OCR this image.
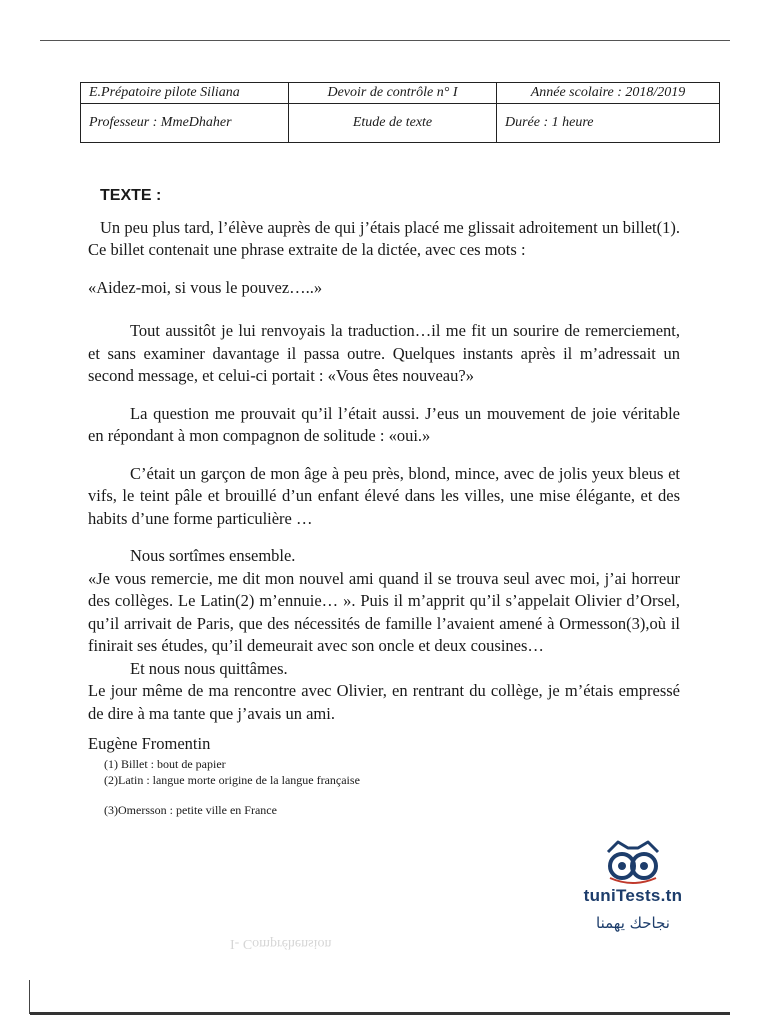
I- Compréhension
E.Prépatoire pilote Siliana	Devoir de contrôle n° I	Année scolaire : 2018/2019
Professeur : MmeDhaher	Etude de texte	Durée : 1 heure
TEXTE :

Un peu plus tard, l’élève auprès de qui j’étais placé me glissait adroitement un billet(1). Ce billet contenait une phrase extraite de la dictée, avec ces mots :

«Aidez-moi, si vous le pouvez…..»

Tout aussitôt je lui renvoyais la traduction…il me fit un sourire de remerciement, et sans examiner davantage il passa outre. Quelques instants après il m’adressait un second message, et celui-ci portait : «Vous êtes nouveau?»

La question me prouvait qu’il l’était aussi. J’eus un mouvement de joie véritable en répondant à mon compagnon de solitude : «oui.»

C’était un garçon de mon âge à peu près, blond, mince, avec de jolis yeux bleus et vifs, le teint pâle et brouillé d’un enfant élevé dans les villes, une mise élégante, et des habits d’une forme particulière …

Nous sortîmes ensemble.

«Je vous remercie, me dit mon nouvel ami quand il se trouva seul avec moi, j’ai horreur des collèges. Le Latin(2) m’ennuie… ». Puis il m’apprit qu’il s’appelait Olivier d’Orsel, qu’il arrivait de Paris, que des nécessités de famille l’avaient amené à Ormesson(3),où il finirait ses études, qu’il demeurait avec son oncle et deux cousines…

Et nous nous quittâmes.

Le jour même de ma rencontre avec Olivier, en rentrant du collège, je m’étais empressé de dire à ma tante que j’avais un ami.

Eugène Fromentin

(1) Billet : bout de papier
(2)Latin : langue morte origine de la langue française
(3)Omersson : petite ville en France
tuniTests.tn
نجاحك يهمنا
